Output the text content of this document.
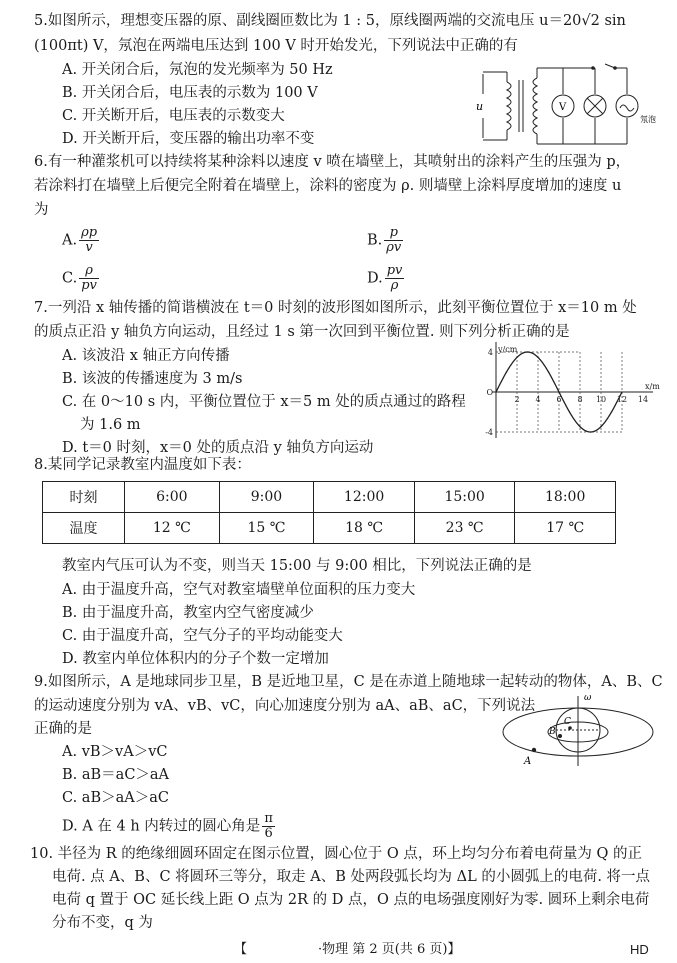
5.如图所示，理想变压器的原、副线圈匝数比为 1 : 5，原线圈两端的交流电压 u＝20√2 sin
(100πt) V，氖泡在两端电压达到 100 V 时开始发光，下列说法中正确的有
A. 开关闭合后，氖泡的发光频率为 50 Hz
B. 开关闭合后，电压表的示数为 100 V
C. 开关断开后，电压表的示数变大
D. 开关断开后，变压器的输出功率不变
u	V
氖泡
6.有一种灌浆机可以持续将某种涂料以速度 v 喷在墙壁上，其喷射出的涂料产生的压强为 p，
若涂料打在墙壁上后便完全附着在墙壁上，涂料的密度为 ρ. 则墙壁上涂料厚度增加的速度 u
为
A. $\frac{\rho p}{v}$	B. $\frac{p}{\rho v}$
C. $\frac{\rho}{pv}$	D. $\frac{pv}{\rho}$
7.一列沿 x 轴传播的简谐横波在 t＝0 时刻的波形图如图所示，此刻平衡位置位于 x＝10 m 处
的质点正沿 y 轴负方向运动，且经过 1 s 第一次回到平衡位置. 则下列分析正确的是
A. 该波沿 x 轴正方向传播
B. 该波的传播速度为 3 m/s
C. 在 0～10 s 内，平衡位置位于 x＝5 m 处的质点通过的路程
为 1.6 m
D. t＝0 时刻，x＝0 处的质点沿 y 轴负方向运动
y/cm
x/m
4
O
-4
2 4 6 8 10 12 14
8.某同学记录教室内温度如下表：
时刻	6:00	9:00	12:00	15:00	18:00
温度	12 ℃	15 ℃	18 ℃	23 ℃	17 ℃
教室内气压可认为不变，则当天 15:00 与 9:00 相比，下列说法正确的是
A. 由于温度升高，空气对教室墙壁单位面积的压力变大
B. 由于温度升高，教室内空气密度减少
C. 由于温度升高，空气分子的平均动能变大
D. 教室内单位体积内的分子个数一定增加
9.如图所示，A 是地球同步卫星，B 是近地卫星，C 是在赤道上随地球一起转动的物体，A、B、C
的运动速度分别为 vA、vB、vC，向心加速度分别为 aA、aB、aC，下列说法
正确的是
A. vB＞vA＞vC
B. aB＝aC＞aA
C. aB＞aA＞aC
D. A 在 4 h 内转过的圆心角是 $\frac{\pi}{6}$
A
B
C
ω
10. 半径为 R 的绝缘细圆环固定在图示位置，圆心位于 O 点，环上均匀分布着电荷量为 Q 的正
电荷. 点 A、B、C 将圆环三等分，取走 A、B 处两段弧长均为 ΔL 的小圆弧上的电荷. 将一点
电荷 q 置于 OC 延长线上距 O 点为 2R 的 D 点，O 点的电场强度刚好为零. 圆环上剩余电荷
分布不变，q 为
【	·物理 第 2 页(共 6 页)】	HD
